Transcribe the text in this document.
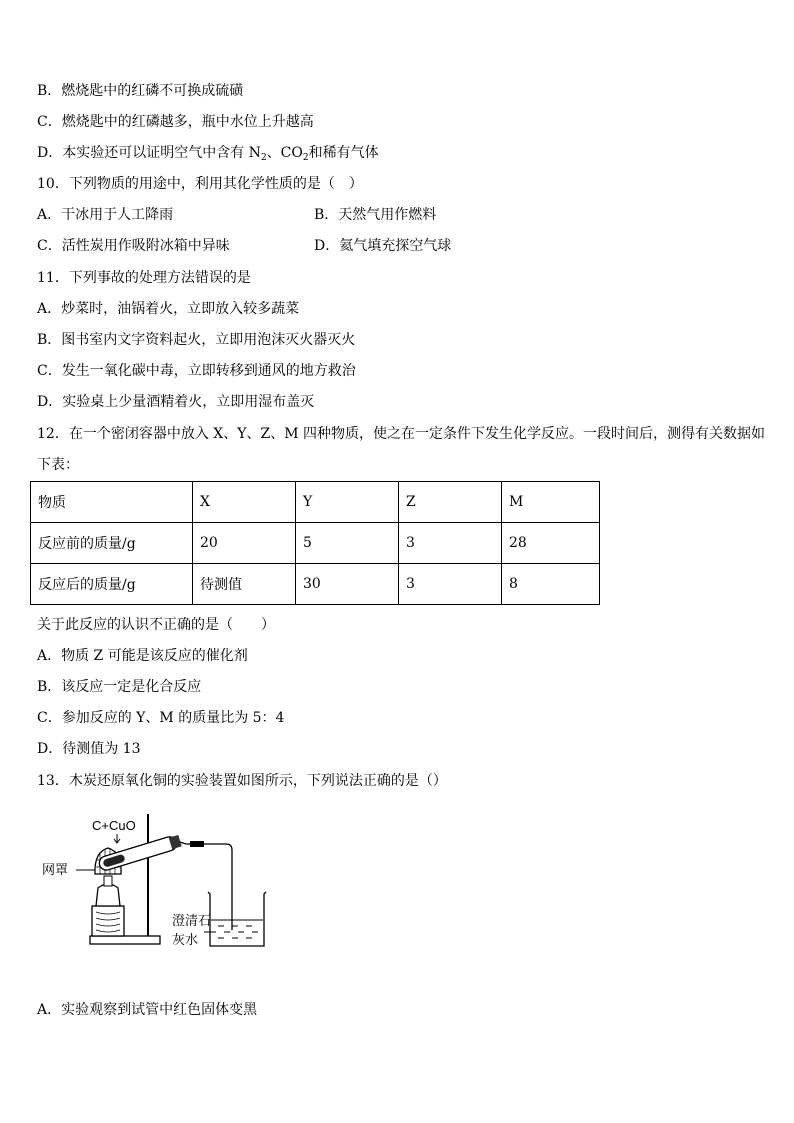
B．燃烧匙中的红磷不可换成硫磺
C．燃烧匙中的红磷越多，瓶中水位上升越高
D．本实验还可以证明空气中含有 $N_2$、$CO_2$和稀有气体
10．下列物质的用途中，利用其化学性质的是（　）
A．干冰用于人工降雨	B．天然气用作燃料
C．活性炭用作吸附冰箱中异味	D．氦气填充探空气球
11．下列事故的处理方法错误的是
A．炒菜时，油锅着火，立即放入较多蔬菜
B．图书室内文字资料起火，立即用泡沫灭火器灭火
C．发生一氧化碳中毒，立即转移到通风的地方救治
D．实验桌上少量酒精着火，立即用湿布盖灭
12．在一个密闭容器中放入 X、Y、Z、M 四种物质，使之在一定条件下发生化学反应。一段时间后，测得有关数据如
下表：
物质	X	Y	Z	M
反应前的质量/g	20	5	3	28
反应后的质量/g	待测值	30	3	8
关于此反应的认识不正确的是（　　）
A．物质 Z 可能是该反应的催化剂
B．该反应一定是化合反应
C．参加反应的 Y、M 的质量比为 5：4
D．待测值为 13
13．木炭还原氧化铜的实验装置如图所示，下列说法正确的是（）
C+CuO
网罩
澄清石
灰水
A．实验观察到试管中红色固体变黑
